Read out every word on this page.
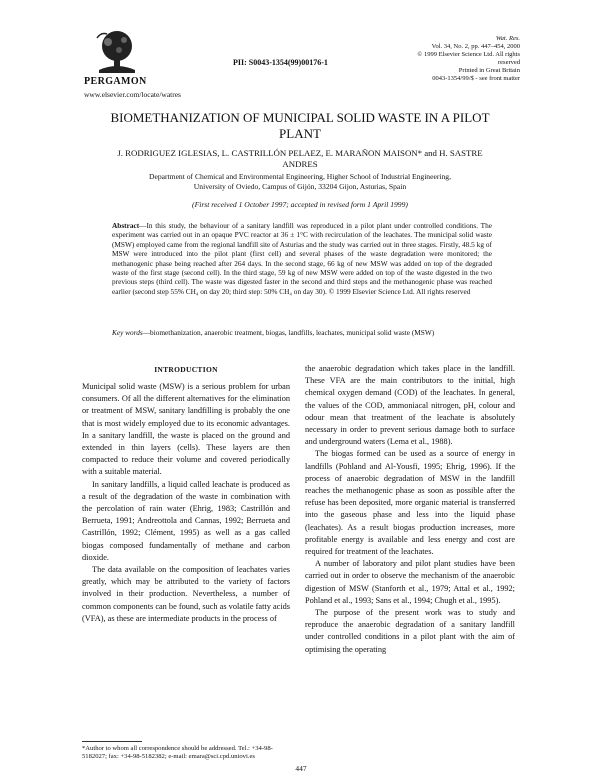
PERGAMON
www.elsevier.com/locate/watres
PII: S0043-1354(99)00176-1
Wat. Res.
Vol. 34, No. 2, pp. 447–454, 2000
© 1999 Elsevier Science Ltd. All rights reserved
Printed in Great Britain
0043-1354/99/$ - see front matter
BIOMETHANIZATION OF MUNICIPAL SOLID WASTE IN A PILOT PLANT
J. RODRIGUEZ IGLESIAS, L. CASTRILLÓN PELAEZ, E. MARAÑON MAISON* and H. SASTRE ANDRES
Department of Chemical and Environmental Engineering, Higher School of Industrial Engineering,
University of Oviedo, Campus of Gijón, 33204 Gijon, Asturias, Spain
(First received 1 October 1997; accepted in revised form 1 April 1999)
Abstract—In this study, the behaviour of a sanitary landfill was reproduced in a pilot plant under controlled conditions. The experiment was carried out in an opaque PVC reactor at 36 ± 1°C with recirculation of the leachates. The municipal solid waste (MSW) employed came from the regional landfill site of Asturias and the study was carried out in three stages. Firstly, 48.5 kg of MSW were introduced into the pilot plant (first cell) and several phases of the waste degradation were monitored; the methanogenic phase being reached after 264 days. In the second stage, 66 kg of new MSW was added on top of the degraded waste of the first stage (second cell). In the third stage, 59 kg of new MSW were added on top of the waste digested in the two previous steps (third cell). The waste was digested faster in the second and third steps and the methanogenic phase was reached earlier (second step 55% CH₄ on day 20; third step: 50% CH₄ on day 30). © 1999 Elsevier Science Ltd. All rights reserved
Key words—biomethanization, anaerobic treatment, biogas, landfills, leachates, municipal solid waste (MSW)
INTRODUCTION

Municipal solid waste (MSW) is a serious problem for urban consumers. Of all the different alternatives for the elimination or treatment of MSW, sanitary landfilling is probably the one that is most widely employed due to its economic advantages. In a sanitary landfill, the waste is placed on the ground and extended in thin layers (cells). These layers are then compacted to reduce their volume and covered periodically with a suitable material.

In sanitary landfills, a liquid called leachate is produced as a result of the degradation of the waste in combination with the percolation of rain water (Ehrig, 1983; Castrillón and Berrueta, 1991; Andreottola and Cannas, 1992; Berrueta and Castrillón, 1992; Clément, 1995) as well as a gas called biogas composed fundamentally of methane and carbon dioxide.

The data available on the composition of leachates varies greatly, which may be attributed to the variety of factors involved in their production. Nevertheless, a number of common components can be found, such as volatile fatty acids (VFA), as these are intermediate products in the process of

the anaerobic degradation which takes place in the landfill. These VFA are the main contributors to the initial, high chemical oxygen demand (COD) of the leachates. In general, the values of the COD, ammoniacal nitrogen, pH, colour and odour mean that treatment of the leachate is absolutely necessary in order to prevent serious damage both to surface and underground waters (Lema et al., 1988).

The biogas formed can be used as a source of energy in landfills (Pohland and Al-Yousfi, 1995; Ehrig, 1996). If the process of anaerobic degradation of MSW in the landfill reaches the methanogenic phase as soon as possible after the refuse has been deposited, more organic material is transferred into the gaseous phase and less into the liquid phase (leachates). As a result biogas production increases, more profitable energy is available and less energy and cost are required for treatment of the leachates.

A number of laboratory and pilot plant studies have been carried out in order to observe the mechanism of the anaerobic digestion of MSW (Stanforth et al., 1979; Attal et al., 1992; Pohland et al., 1993; Sans et al., 1994; Chugh et al., 1995).

The purpose of the present work was to study and reproduce the anaerobic degradation of a sanitary landfill under controlled conditions in a pilot plant with the aim of optimising the operating

*Author to whom all correspondence should be addressed. Tel.: +34-98-5182027; fax: +34-98-5182382; e-mail: emara@sci.cpd.uniovi.es
447
